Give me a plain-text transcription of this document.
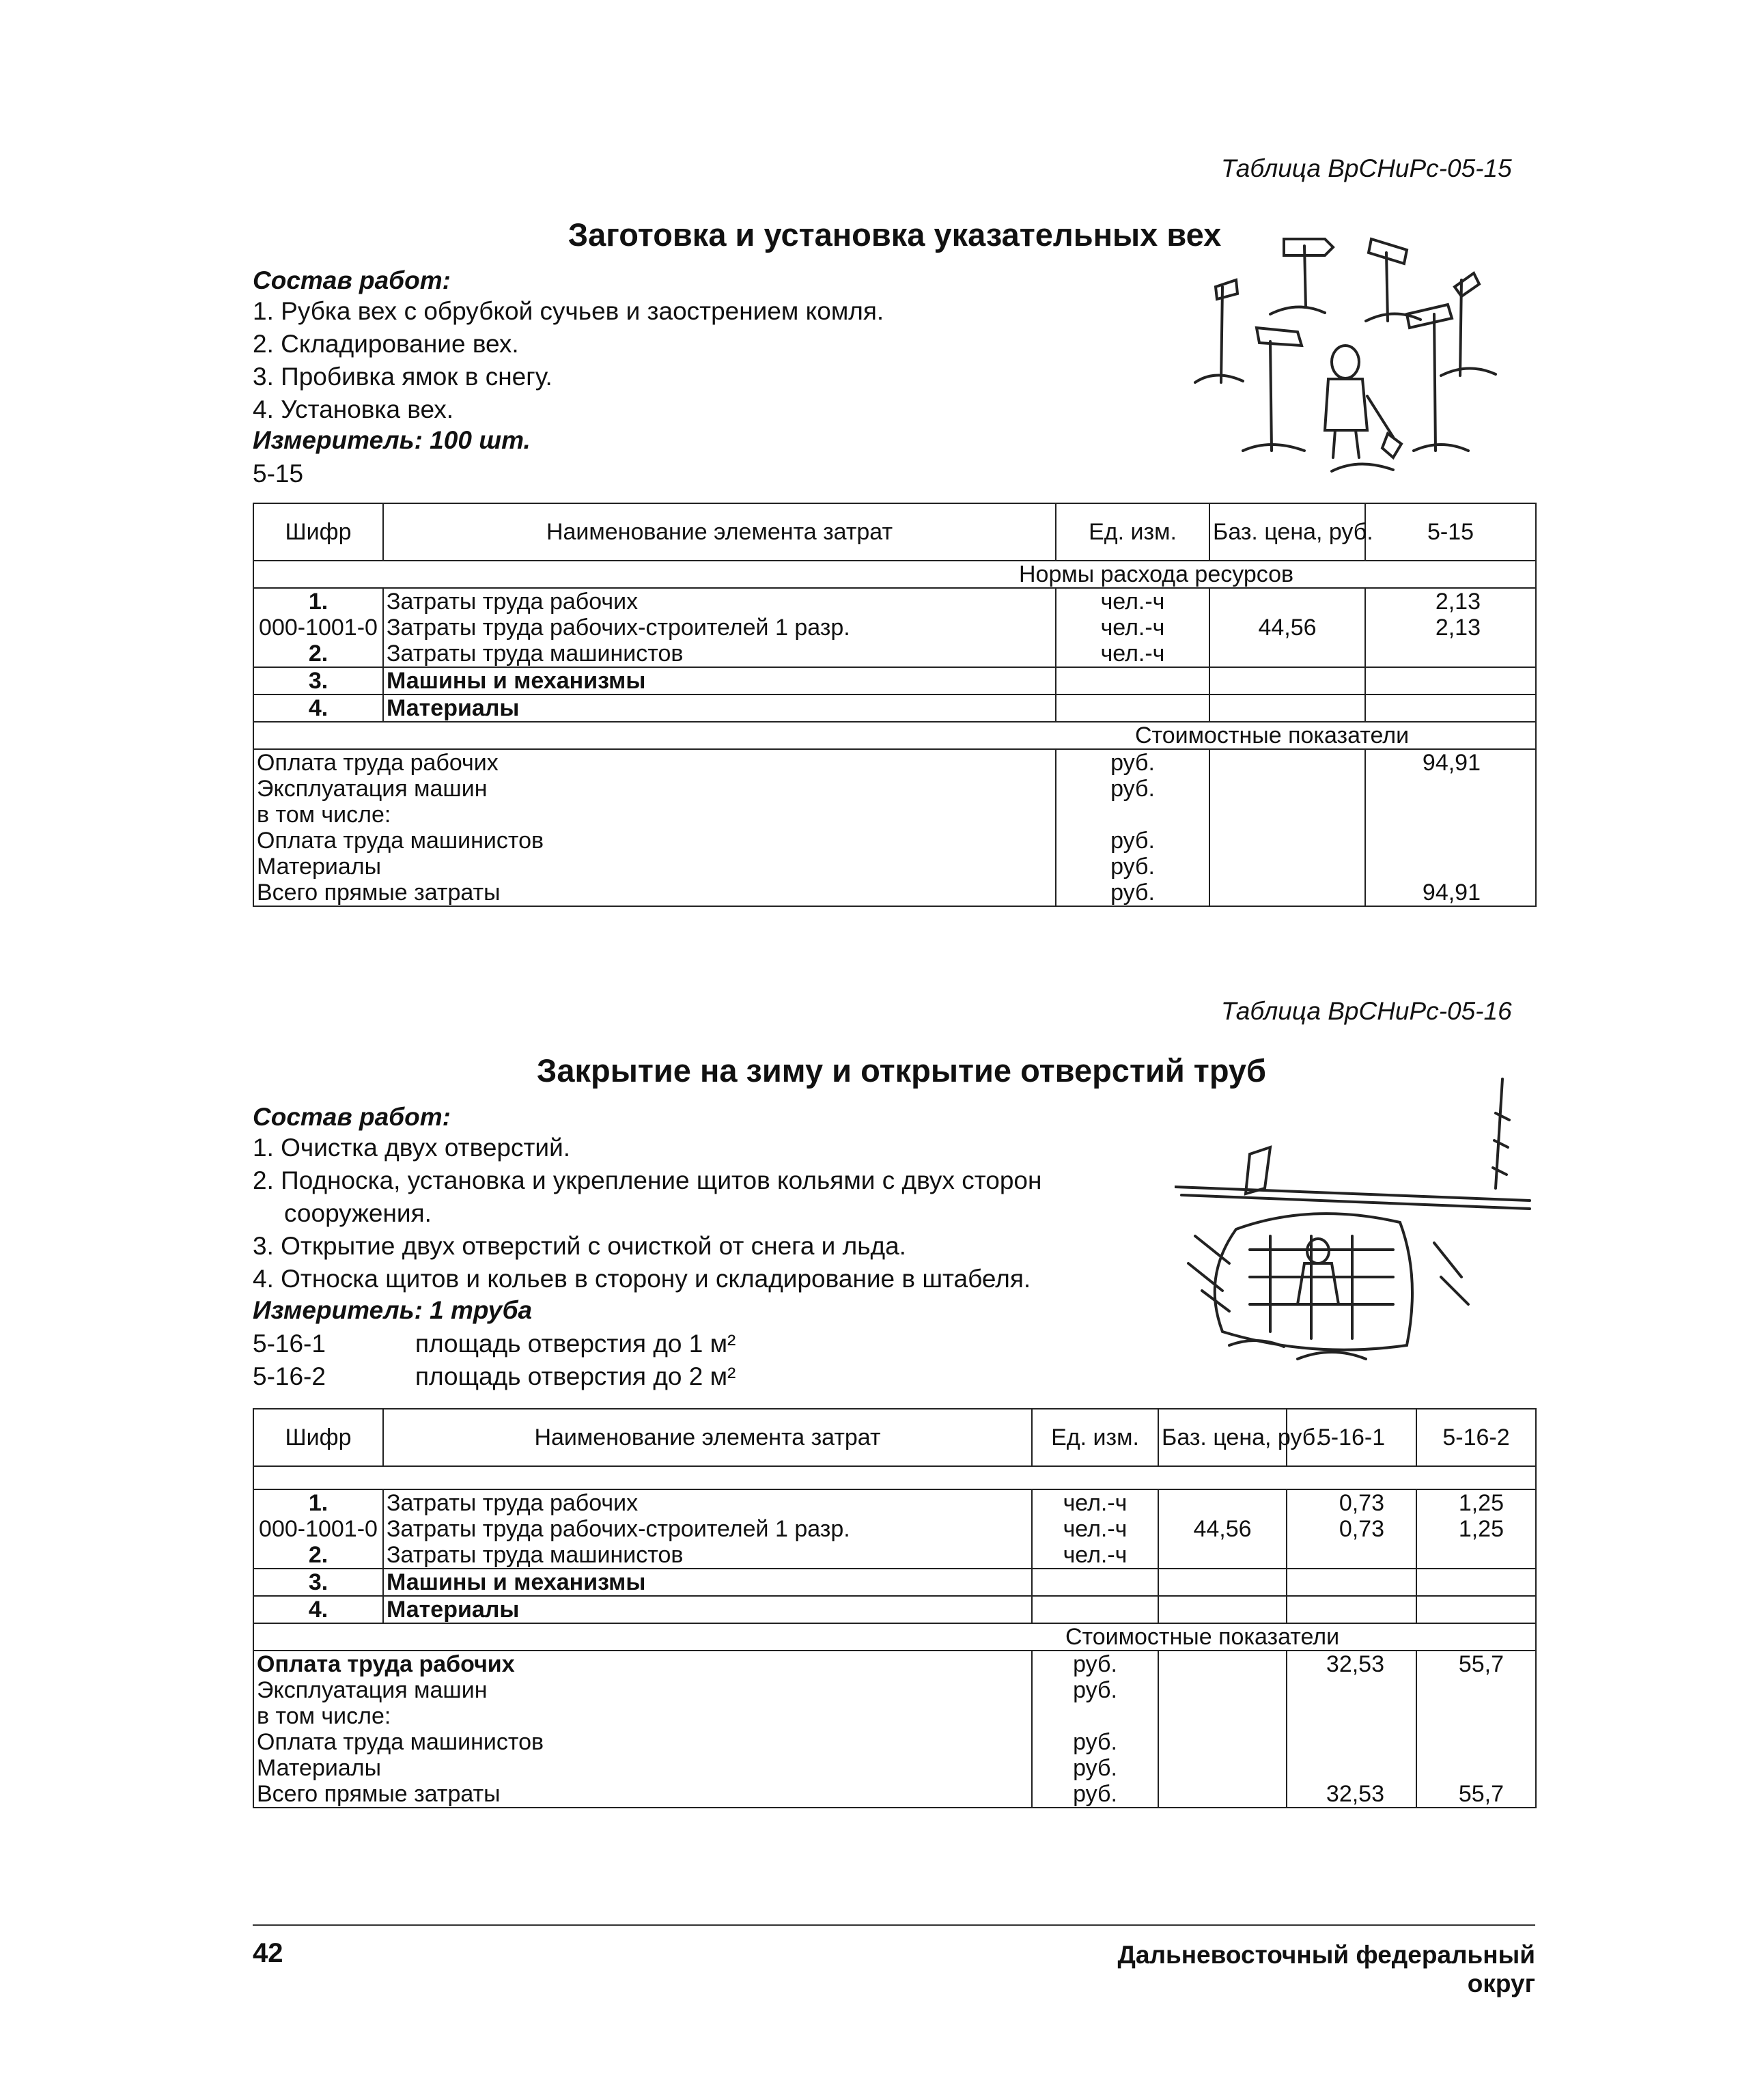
Таблица ВрСНиРс-05-15
Заготовка и установка указательных вех
Состав работ:
1. Рубка вех с обрубкой сучьев и заострением комля.
2. Складирование вех.
3. Пробивка ямок в снегу.
4. Установка вех.
Измеритель: 100 шт.
5-15
Шифр	Наименование элемента затрат	Ед. изм.	Баз. цена, руб.	5-15
Нормы расхода ресурсов				
1.	Затраты труда рабочих	чел.-ч		2,13
000-1001-0	Затраты труда рабочих-строителей 1 разр.	чел.-ч	44,56	2,13
2.	Затраты труда машинистов	чел.-ч		
3.	Машины и механизмы			
4.	Материалы			
Стоимостные показатели				
Оплата труда рабочих		руб.		94,91
Эксплуатация машин		руб.		
в том числе:				
Оплата труда машинистов		руб.		
Материалы		руб.		
Всего прямые затраты		руб.		94,91
Таблица ВрСНиРс-05-16
Закрытие на зиму и открытие отверстий труб
Состав работ:
1. Очистка двух отверстий.
2. Подноска, установка и укрепление щитов кольями с двух сторон
сооружения.
3. Открытие двух отверстий с очисткой от снега и льда.
4. Относка щитов и кольев в сторону и складирование в штабеля.
Измеритель: 1 труба
5-16-1	площадь отверстия до 1 м²
5-16-2	площадь отверстия до 2 м²
Шифр	Наименование элемента затрат	Ед. изм.	Баз. цена, руб.	5-16-1	5-16-2

1.	Затраты труда рабочих	чел.-ч		0,73	1,25
000-1001-0	Затраты труда рабочих-строителей 1 разр.	чел.-ч	44,56	0,73	1,25
2.	Затраты труда машинистов	чел.-ч			
3.	Машины и механизмы				
4.	Материалы				
Стоимостные показатели					
Оплата труда рабочих		руб.		32,53	55,7
Эксплуатация машин		руб.			
в том числе:					
Оплата труда машинистов		руб.			
Материалы		руб.			
Всего прямые затраты		руб.		32,53	55,7
42	Дальневосточный федеральный округ
